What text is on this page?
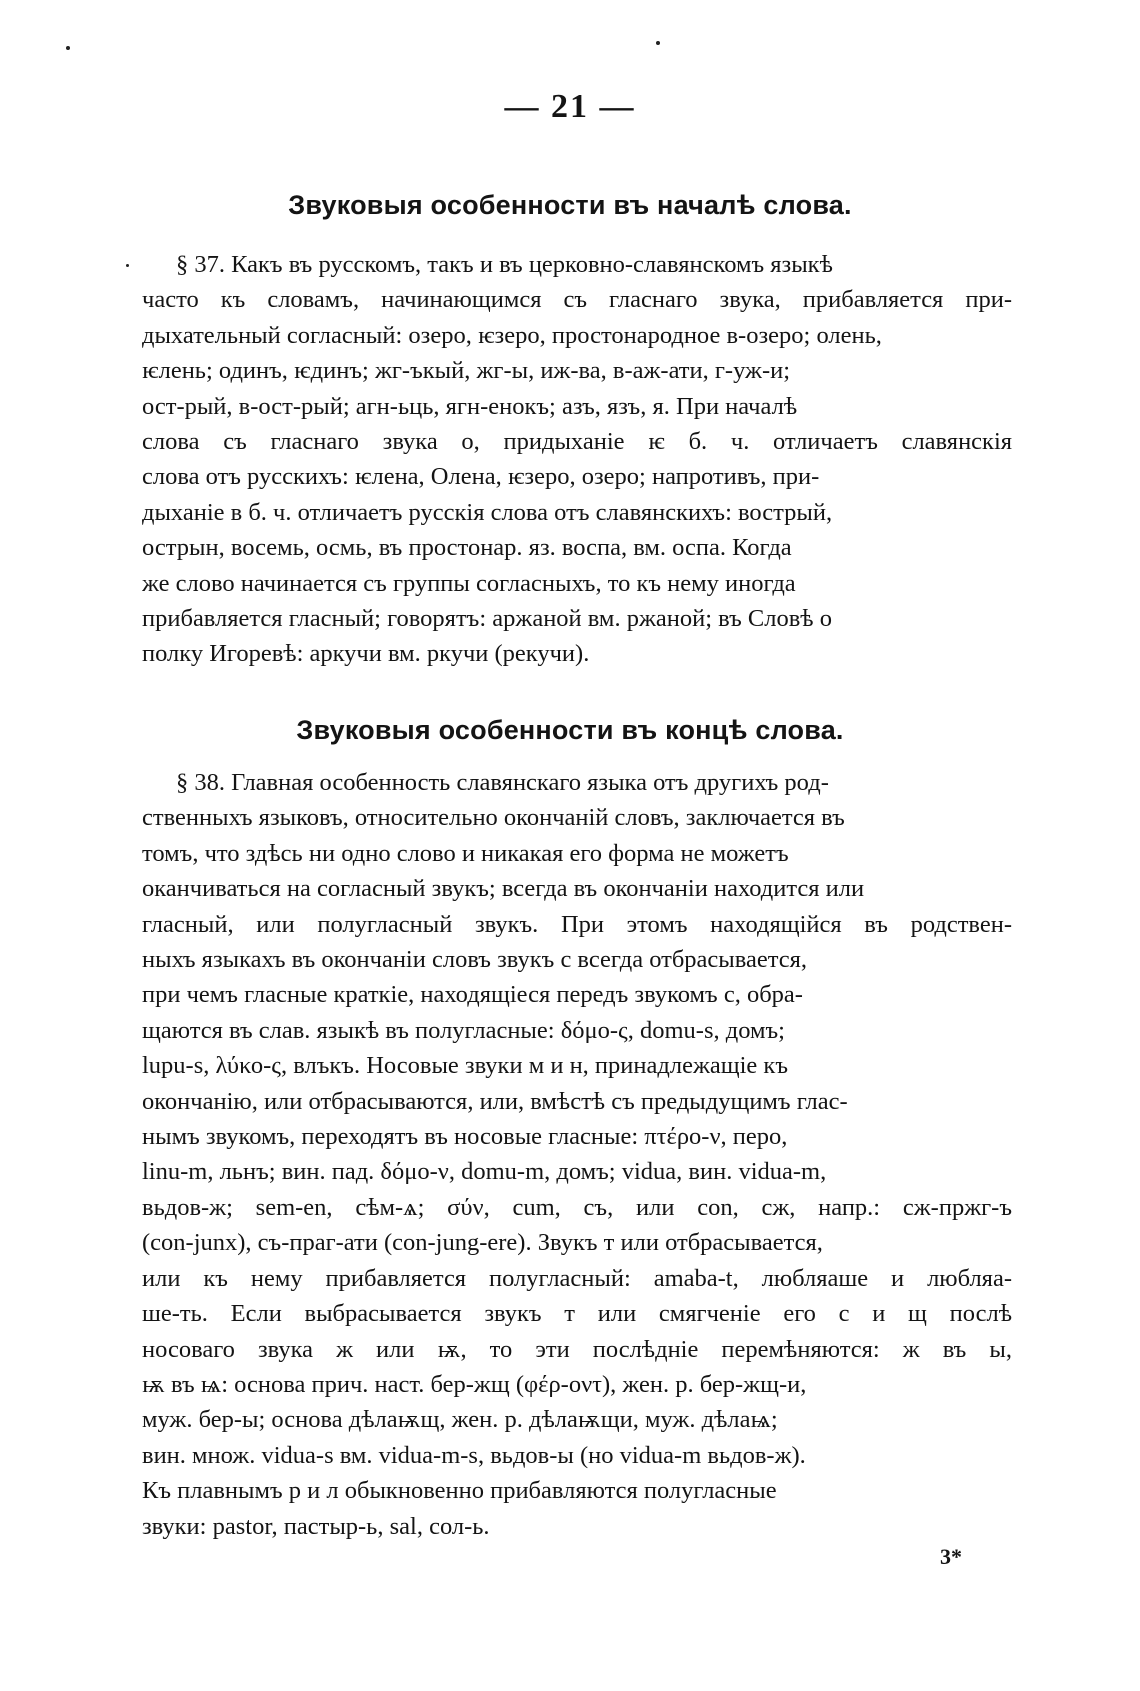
— 21 —
Звуковыя особенности въ началѣ слова.
§ 37. Какъ въ русскомъ, такъ и въ церковно-славянскомъ языкѣ
часто къ словамъ, начинающимся съ гласнаго звука, прибавляется при-
дыхательный согласный: озеро, ѥзеро, простонародное в-озеро; олень,
ѥлень; одинъ, ѥдинъ; жг-ъкый, жг-ы, иж-ва, в-аж-ати, г-уж-и;
ост-рый, в-ост-рый; агн-ьць, ягн-енокъ; азъ, язъ, я. При началѣ
слова съ гласнаго звука о, придыханіе ѥ б. ч. отличаетъ славянскія
слова отъ русскихъ: ѥлена, Олена, ѥзеро, озеро; напротивъ, при-
дыханіе в б. ч. отличаетъ русскія слова отъ славянскихъ: вострый,
острын, восемь, осмь, въ простонар. яз. воспа, вм. оспа. Когда
же слово начинается съ группы согласныхъ, то къ нему иногда
прибавляется гласный; говорятъ: аржаной вм. ржаной; въ Словѣ о
полку Игоревѣ: аркучи вм. ркучи (рекучи).
Звуковыя особенности въ концѣ слова.
§ 38. Главная особенность славянскаго языка отъ другихъ род-
ственныхъ языковъ, относительно окончаній словъ, заключается въ
томъ, что здѣсь ни одно слово и никакая его форма не можетъ
оканчиваться на согласный звукъ; всегда въ окончаніи находится или
гласный, или полугласный звукъ. При этомъ находящійся въ родствен-
ныхъ языкахъ въ окончаніи словъ звукъ с всегда отбрасывается,
при чемъ гласные краткіе, находящіеся передъ звукомъ с, обра-
щаются въ слав. языкѣ въ полугласные: δόμο-ς, domu-s, домъ;
lupu-s, λύκο-ς, влъкъ. Носовые звуки м и н, принадлежащіе къ
окончанію, или отбрасываются, или, вмѣстѣ съ предыдущимъ глас-
нымъ звукомъ, переходятъ въ носовые гласные: πτέρο-ν, перо,
linu-m, льнъ; вин. пад. δόμο-ν, domu-m, домъ; vidua, вин. vidua-m,
вьдов-ж; sem-en, сѣм-ѧ; σύν, cum, съ, или con, сж, напр.: сж-пржг-ъ
(con-junx), съ-праг-ати (con-jung-ere). Звукъ т или отбрасывается,
или къ нему прибавляется полугласный: amaba-t, любляаше и любляа-
ше-ть. Если выбрасывается звукъ т или смягченіе его с и щ послѣ
носоваго звука ж или ѭ, то эти послѣдніе перемѣняются: ж въ ы,
ѭ въ ѩ: основа прич. наст. бер-жщ (φέρ-οντ), жен. р. бер-жщ-и,
муж. бер-ы; основа дѣлаѭщ, жен. р. дѣлаѭщи, муж. дѣлаѩ;
вин. множ. vidua-s вм. vidua-m-s, вьдов-ы (но vidua-m вьдов-ж).
Къ плавнымъ р и л обыкновенно прибавляются полугласные
звуки: pastor, пастыр-ь, sal, сол-ь.
3*
